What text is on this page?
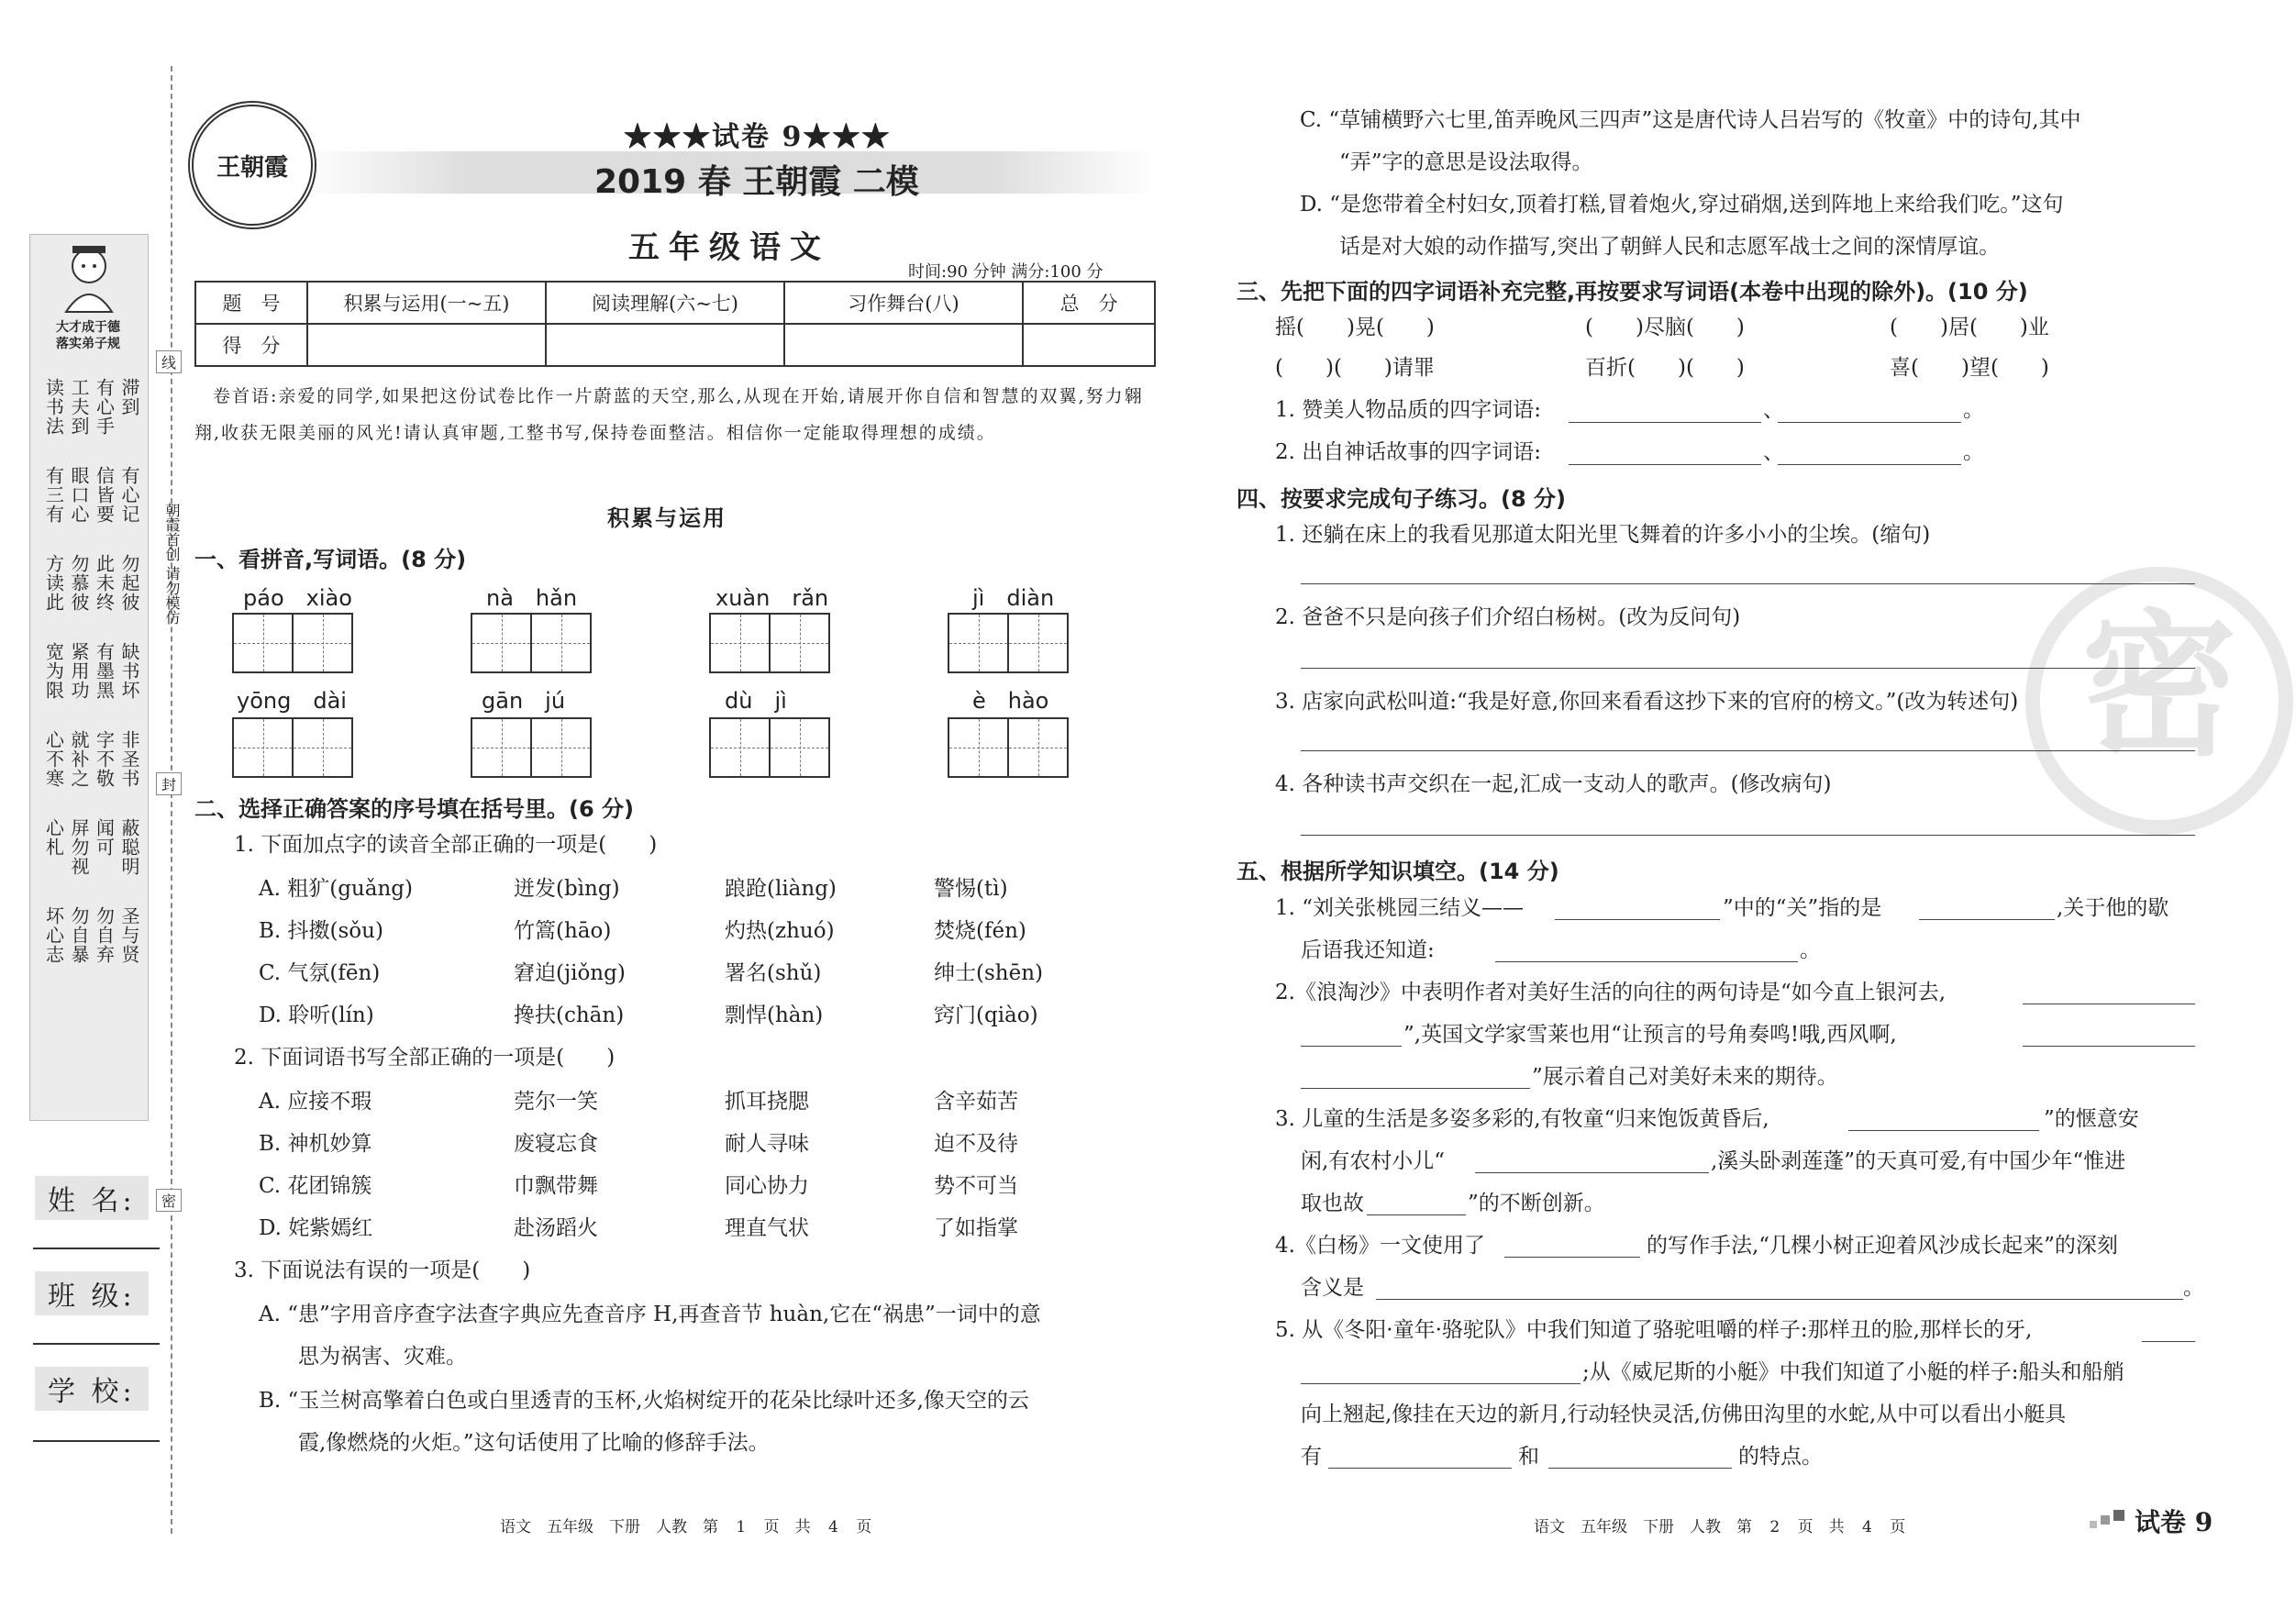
大才成于德
落实弟子规
读书法 工夫到 有心手 滞到
有三有 眼口心 信皆要 有心记
方读此 勿慕彼 此未终 勿起彼
宽为限 紧用功 有墨黑 缺书坏
心不寒 就补之 字不敬 非圣书
心札 屏勿视 闻可 蔽聪明
坏心志 勿自暴 勿自弃 圣与贤
姓 名:
班 级:
学 校:
线
朝霞首创 请勿模仿
封
密
王朝霞
★★★试卷 9★★★
2019 春 王朝霞 二模
五年级语文
时间:90 分钟 满分:100 分
题　号	积累与运用(一~五)	阅读理解(六~七)	习作舞台(八)	总　分
得　分				
卷首语:亲爱的同学,如果把这份试卷比作一片蔚蓝的天空,那么,从现在开始,请展开你自信和智慧的双翼,努力翱翔,收获无限美丽的风光!请认真审题,工整书写,保持卷面整洁。相信你一定能取得理想的成绩。
积累与运用
一、看拼音,写词语。(8 分)
páo　xiào	nà　hǎn	xuàn　rǎn	jì　diàn
yōng　dài	gān　jú	dù　jì	è　hào
二、选择正确答案的序号填在括号里。(6 分)
1. 下面加点字的读音全部正确的一项是(　　)
A. 粗犷(guǎng)	迸发(bìng)	踉跄(liàng)	警惕(tì)
B. 抖擞(sǒu)	竹篙(hāo)	灼热(zhuó)	焚烧(fén)
C. 气氛(fēn)	窘迫(jiǒng)	署名(shǔ)	绅士(shēn)
D. 聆听(lín)	搀扶(chān)	剽悍(hàn)	窍门(qiào)
2. 下面词语书写全部正确的一项是(　　)
A. 应接不瑕	莞尔一笑	抓耳挠腮	含辛茹苦
B. 神机妙算	废寝忘食	耐人寻味	迫不及待
C. 花团锦簇	巾飘带舞	同心协力	势不可当
D. 姹紫嫣红	赴汤蹈火	理直气状	了如指掌
3. 下面说法有误的一项是(　　)
A. “患”字用音序查字法查字典应先查音序 H,再查音节 huàn,它在“祸患”一词中的意
思为祸害、灾难。
B. “玉兰树高擎着白色或白里透青的玉杯,火焰树绽开的花朵比绿叶还多,像天空的云
霞,像燃烧的火炬。”这句话使用了比喻的修辞手法。
语文　五年级　下册　人教　第 1 页　共 4 页
密
C. “草铺横野六七里,笛弄晚风三四声”这是唐代诗人吕岩写的《牧童》中的诗句,其中
“弄”字的意思是设法取得。
D. “是您带着全村妇女,顶着打糕,冒着炮火,穿过硝烟,送到阵地上来给我们吃。”这句
话是对大娘的动作描写,突出了朝鲜人民和志愿军战士之间的深情厚谊。
三、先把下面的四字词语补充完整,再按要求写词语(本卷中出现的除外)。(10 分)
摇(　　)晃(　　)	(　　)尽脑(　　)	(　　)居(　　)业
(　　)(　　)请罪	百折(　　)(　　)	喜(　　)望(　　)
1. 赞美人物品质的四字词语:	、	。
2. 出自神话故事的四字词语:	、	。
四、按要求完成句子练习。(8 分)
1. 还躺在床上的我看见那道太阳光里飞舞着的许多小小的尘埃。(缩句)
2. 爸爸不只是向孩子们介绍白杨树。(改为反问句)
3. 店家向武松叫道:“我是好意,你回来看看这抄下来的官府的榜文。”(改为转述句)
4. 各种读书声交织在一起,汇成一支动人的歌声。(修改病句)
五、根据所学知识填空。(14 分)
1. “刘关张桃园三结义——	”中的“关”指的是	,关于他的歇
后语我还知道:	。
2.《浪淘沙》中表明作者对美好生活的向往的两句诗是“如今直上银河去,
”,英国文学家雪莱也用“让预言的号角奏鸣!哦,西风啊,
”展示着自己对美好未来的期待。
3. 儿童的生活是多姿多彩的,有牧童“归来饱饭黄昏后,	”的惬意安
闲,有农村小儿“	,溪头卧剥莲蓬”的天真可爱,有中国少年“惟进
取也故	”的不断创新。
4.《白杨》一文使用了	的写作手法,“几棵小树正迎着风沙成长起来”的深刻
含义是	。
5. 从《冬阳·童年·骆驼队》中我们知道了骆驼咀嚼的样子:那样丑的脸,那样长的牙,
;从《威尼斯的小艇》中我们知道了小艇的样子:船头和船艄
向上翘起,像挂在天边的新月,行动轻快灵活,仿佛田沟里的水蛇,从中可以看出小艇具
有	和	的特点。
语文　五年级　下册　人教　第 2 页　共 4 页	试卷 9
